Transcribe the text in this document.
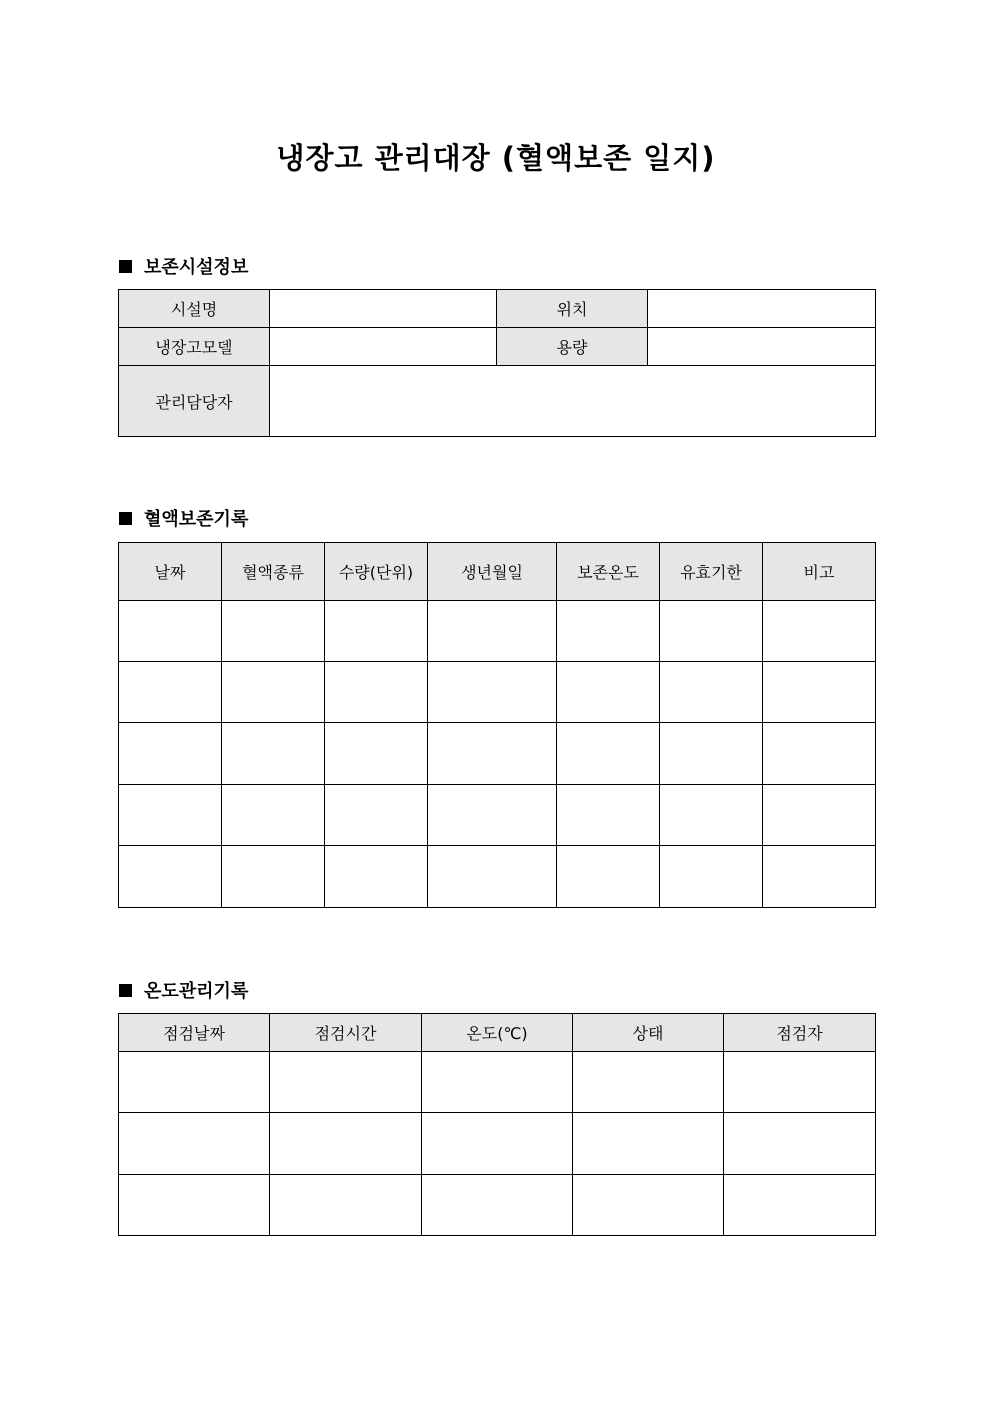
냉장고 관리대장 (혈액보존 일지)
보존시설정보
시설명		위치	
냉장고모델		용량	
관리담당자			
혈액보존기록
날짜	혈액종류	수량(단위)	생년월일	보존온도	유효기한	비고

온도관리기록
점검날짜	점검시간	온도(℃)	상태	점검자
